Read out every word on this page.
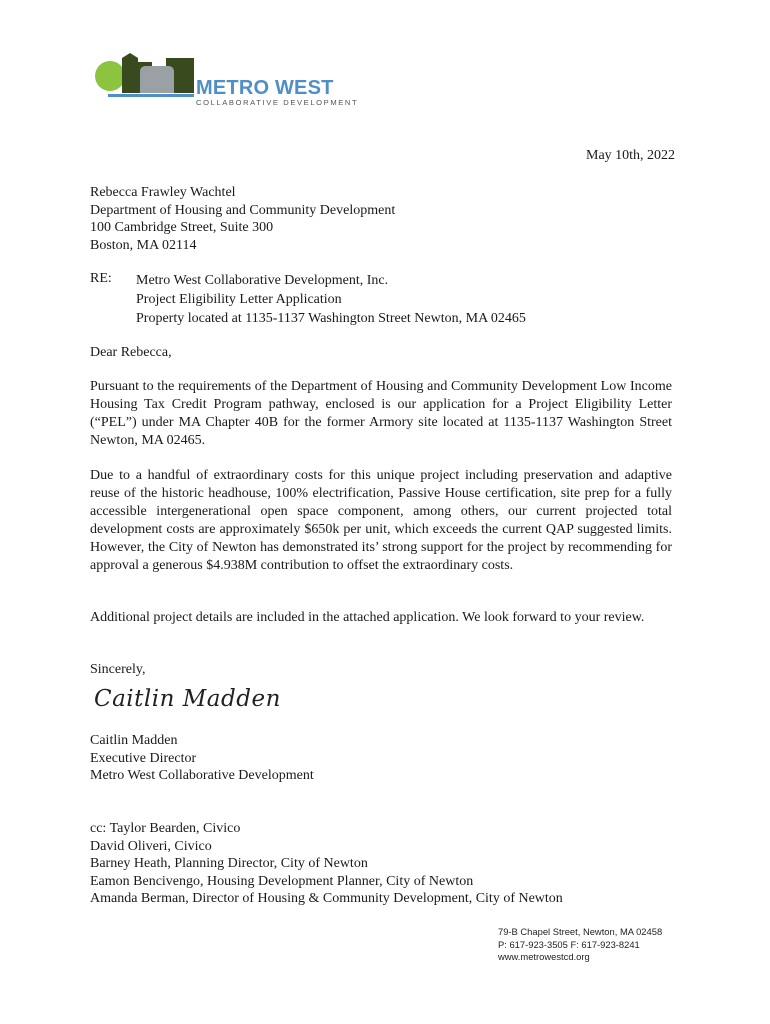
METRO WEST
COLLABORATIVE DEVELOPMENT
May 10th, 2022
Rebecca Frawley Wachtel
Department of Housing and Community Development
100 Cambridge Street, Suite 300
Boston, MA 02114
RE: Metro West Collaborative Development, Inc.
Project Eligibility Letter Application
Property located at 1135-1137 Washington Street Newton, MA 02465
Dear Rebecca,
Pursuant to the requirements of the Department of Housing and Community Development Low Income Housing Tax Credit Program pathway, enclosed is our application for a Project Eligibility Letter (“PEL”) under MA Chapter 40B for the former Armory site located at 1135-1137 Washington Street Newton, MA 02465.
Due to a handful of extraordinary costs for this unique project including preservation and adaptive reuse of the historic headhouse, 100% electrification, Passive House certification, site prep for a fully accessible intergenerational open space component, among others, our current projected total development costs are approximately $650k per unit, which exceeds the current QAP suggested limits. However, the City of Newton has demonstrated its’ strong support for the project by recommending for approval a generous $4.938M contribution to offset the extraordinary costs.
Additional project details are included in the attached application. We look forward to your review.
Sincerely,
Caitlin Madden
Caitlin Madden
Executive Director
Metro West Collaborative Development
cc: Taylor Bearden, Civico
David Oliveri, Civico
Barney Heath, Planning Director, City of Newton
Eamon Bencivengo, Housing Development Planner, City of Newton
Amanda Berman, Director of Housing & Community Development, City of Newton
79-B Chapel Street, Newton, MA 02458
P: 617-923-3505 F: 617-923-8241
www.metrowestcd.org
